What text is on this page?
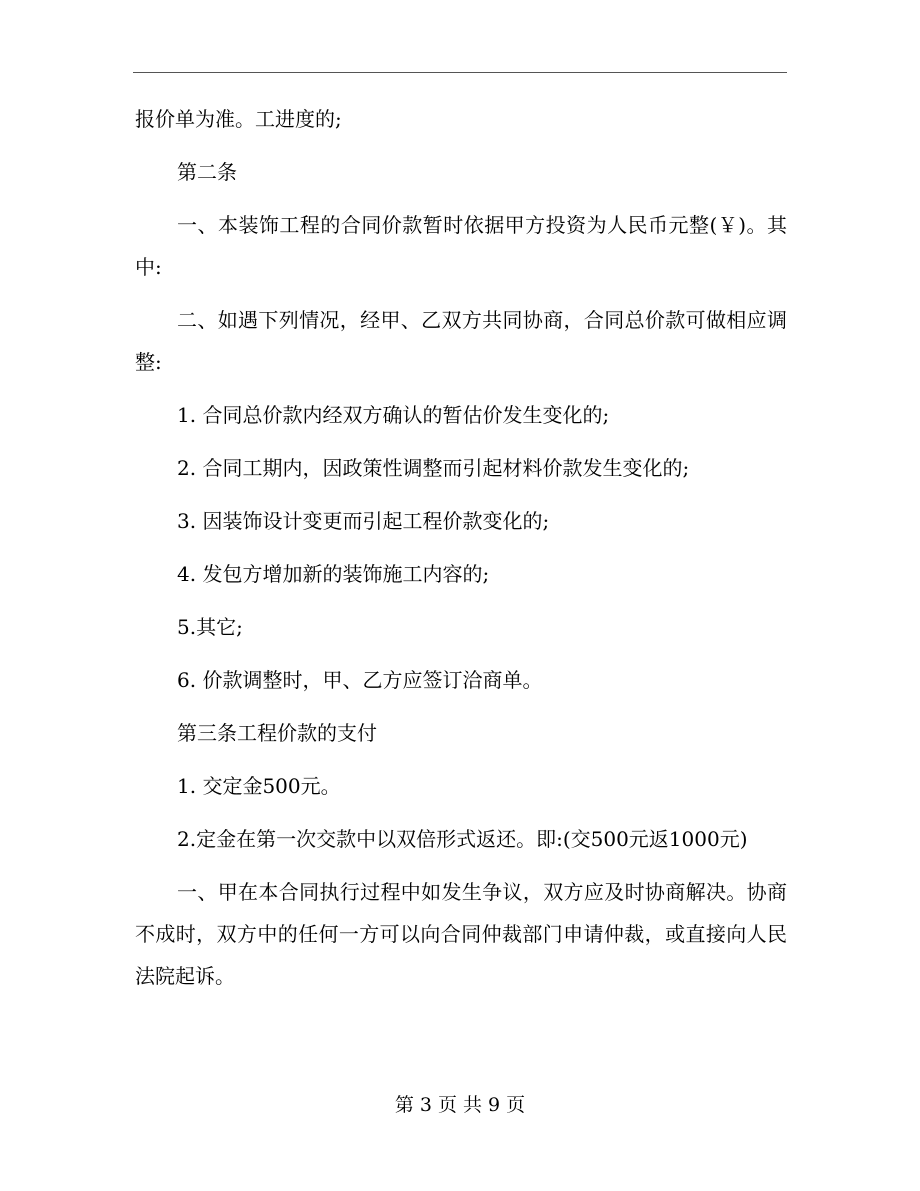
报价单为准。工进度的;

第二条

一、本装饰工程的合同价款暂时依据甲方投资为人民币元整(￥)。其中:

二、如遇下列情况，经甲、乙双方共同协商，合同总价款可做相应调整:

1. 合同总价款内经双方确认的暂估价发生变化的;

2. 合同工期内，因政策性调整而引起材料价款发生变化的;

3. 因装饰设计变更而引起工程价款变化的;

4. 发包方增加新的装饰施工内容的;

5.其它;

6. 价款调整时，甲、乙方应签订洽商单。

第三条工程价款的支付

1. 交定金500元。

2.定金在第一次交款中以双倍形式返还。即:(交500元返1000元)

一、甲在本合同执行过程中如发生争议，双方应及时协商解决。协商不成时，双方中的任何一方可以向合同仲裁部门申请仲裁，或直接向人民法院起诉。

第 3 页 共 9 页
